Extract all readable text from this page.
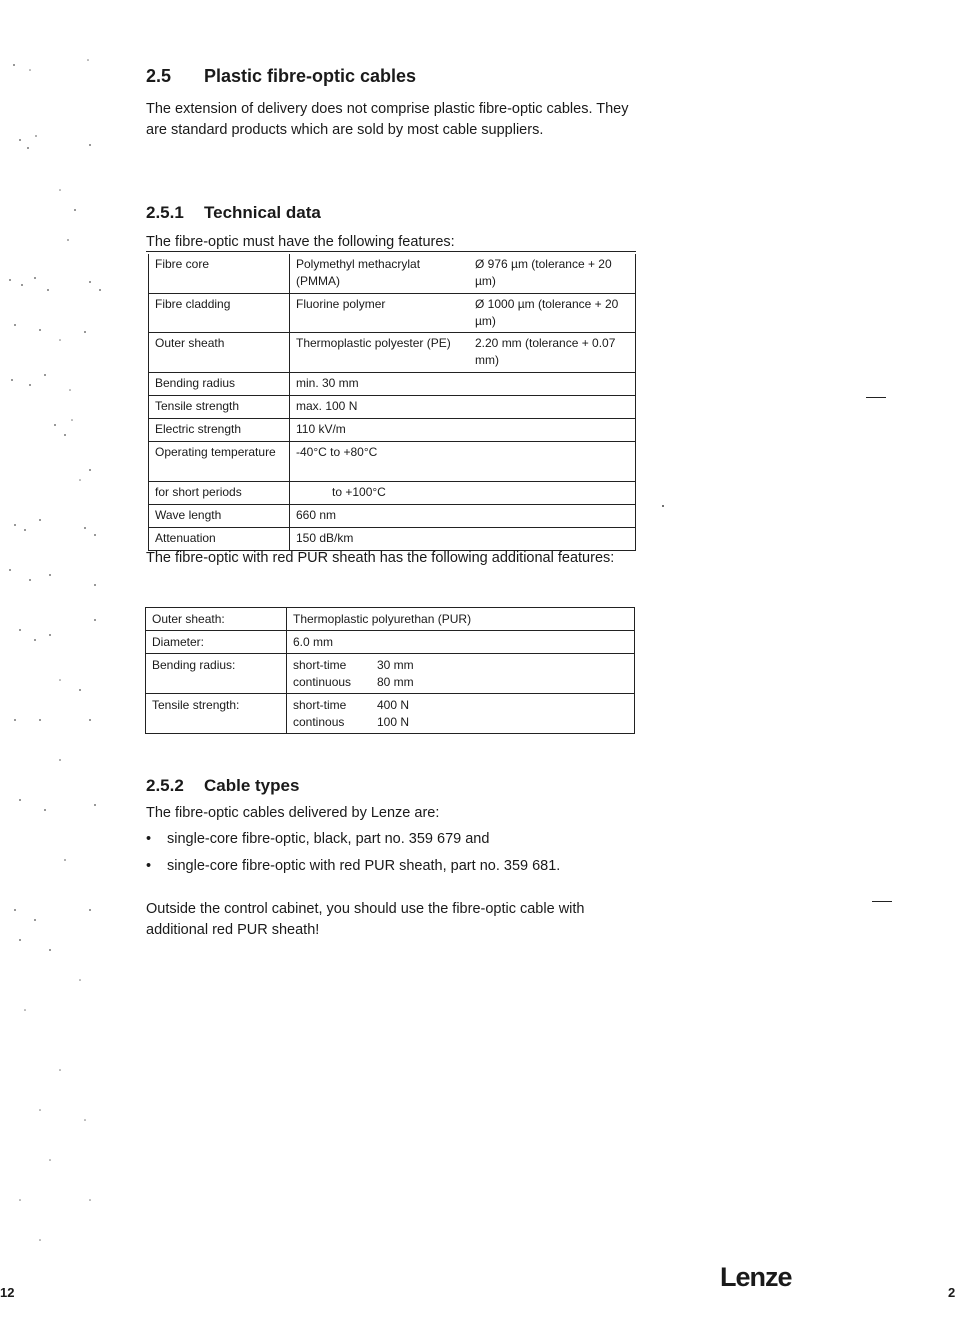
2.5 Plastic fibre-optic cables

The extension of delivery does not comprise plastic fibre-optic cables. They are standard products which are sold by most cable suppliers.

2.5.1 Technical data

The fibre-optic must have the following features:

Fibre core	Polymethyl methacrylat (PMMA)	Ø 976 µm (tolerance + 20 µm)
Fibre cladding	Fluorine polymer	Ø 1000 µm (tolerance + 20 µm)
Outer sheath	Thermoplastic polyester (PE)	2.20 mm (tolerance + 0.07 mm)
Bending radius	min. 30 mm	
Tensile strength	max. 100 N	
Electric strength	110 kV/m	
Operating temperature	-40°C to +80°C	
for short periods	to +100°C	
Wave length	660 nm	
Attenuation	150 dB/km	

The fibre-optic with red PUR sheath has the following additional features:

Outer sheath:	Thermoplastic polyurethan (PUR)
Diameter:	6.0 mm
Bending radius:	short-time 30 mm
continuous 80 mm
Tensile strength:	short-time 400 N
continous 100 N
2.5.2 Cable types

The fibre-optic cables delivered by Lenze are:

• single-core fibre-optic, black, part no. 359 679 and
• single-core fibre-optic with red PUR sheath, part no. 359 681.

Outside the control cabinet, you should use the fibre-optic cable with additional red PUR sheath!

Lenze
12	2
